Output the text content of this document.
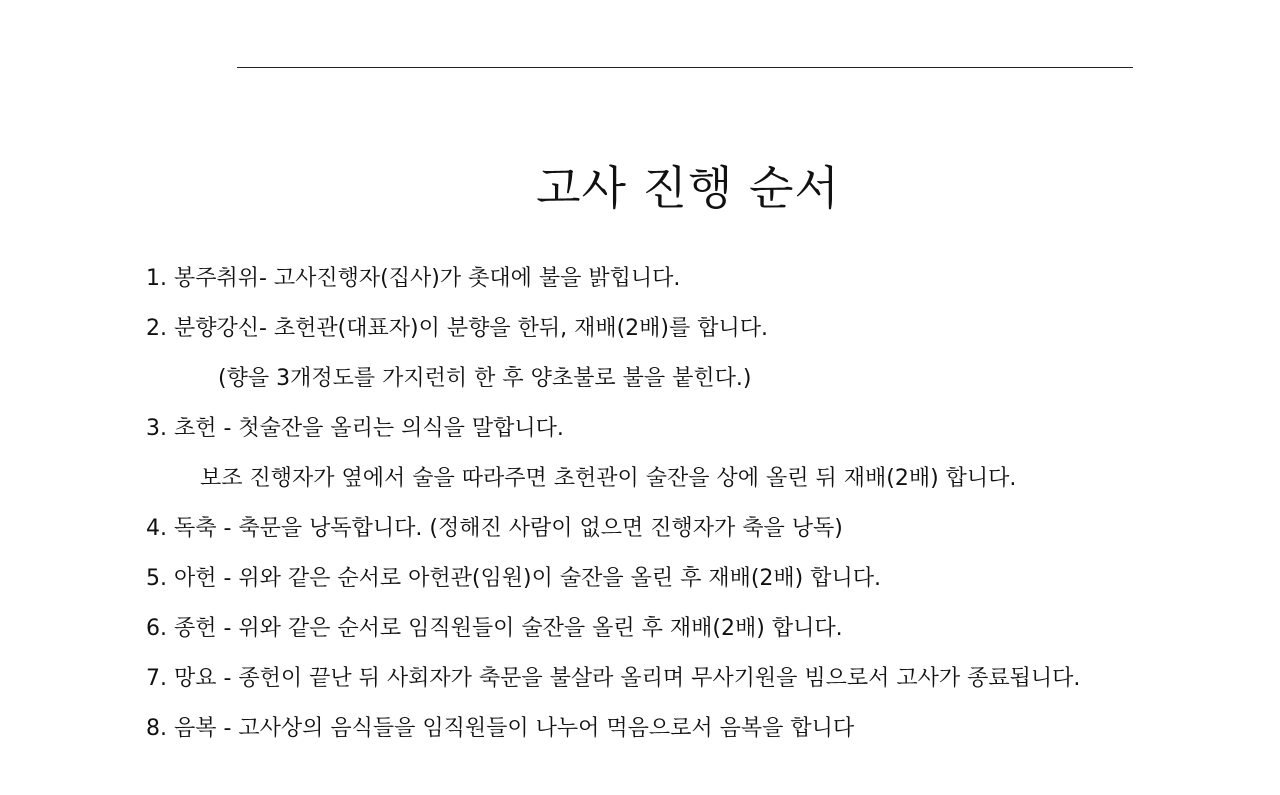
고사 진행 순서
1. 봉주취위- 고사진행자(집사)가 촛대에 불을 밝힙니다.
2. 분향강신- 초헌관(대표자)이 분향을 한뒤, 재배(2배)를 합니다.
(향을 3개정도를 가지런히 한 후 양초불로 불을 붙힌다.)
3. 초헌 - 첫술잔을 올리는 의식을 말합니다.
보조 진행자가 옆에서 술을 따라주면 초헌관이 술잔을 상에 올린 뒤 재배(2배) 합니다.
4. 독축 - 축문을 낭독합니다. (정해진 사람이 없으면 진행자가 축을 낭독)
5. 아헌 - 위와 같은 순서로 아헌관(임원)이 술잔을 올린 후 재배(2배) 합니다.
6. 종헌 - 위와 같은 순서로 임직원들이 술잔을 올린 후 재배(2배) 합니다.
7. 망요 - 종헌이 끝난 뒤 사회자가 축문을 불살라 올리며 무사기원을 빔으로서 고사가 종료됩니다.
8. 음복 - 고사상의 음식들을 임직원들이 나누어 먹음으로서 음복을 합니다
